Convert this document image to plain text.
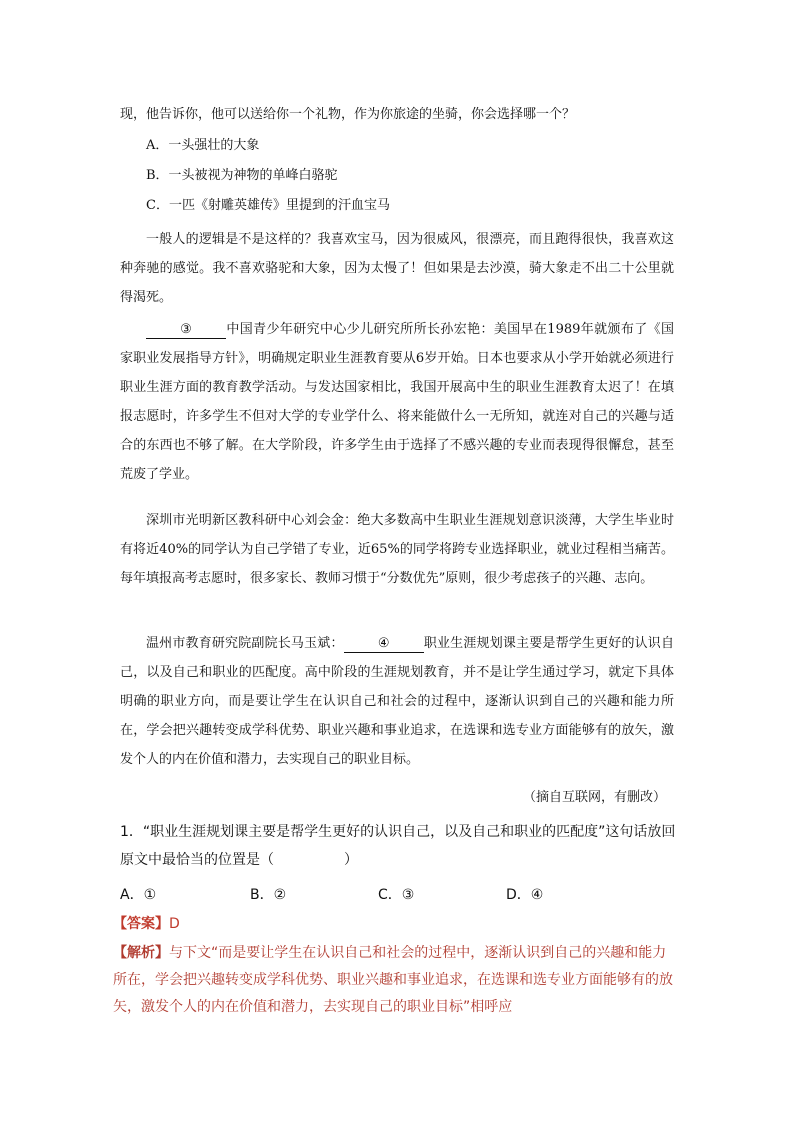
现，他告诉你，他可以送给你一个礼物，作为你旅途的坐骑，你会选择哪一个？

A．一头强壮的大象

B．一头被视为神物的单峰白骆驼

C．一匹《射雕英雄传》里提到的汗血宝马

一般人的逻辑是不是这样的？我喜欢宝马，因为很威风，很漂亮，而且跑得很快，我喜欢这种奔驰的感觉。我不喜欢骆驼和大象，因为太慢了！但如果是去沙漠，骑大象走不出二十公里就得渴死。

③	中国青少年研究中心少儿研究所所长孙宏艳：美国早在1989年就颁布了《国家职业发展指导方针》，明确规定职业生涯教育要从6岁开始。日本也要求从小学开始就必须进行职业生涯方面的教育教学活动。与发达国家相比，我国开展高中生的职业生涯教育太迟了！在填报志愿时，许多学生不但对大学的专业学什么、将来能做什么一无所知，就连对自己的兴趣与适合的东西也不够了解。在大学阶段，许多学生由于选择了不感兴趣的专业而表现得很懈怠，甚至荒废了学业。

深圳市光明新区教科研中心刘会金：绝大多数高中生职业生涯规划意识淡薄，大学生毕业时有将近40%的同学认为自己学错了专业，近65%的同学将跨专业选择职业，就业过程相当痛苦。每年填报高考志愿时，很多家长、教师习惯于“分数优先”原则，很少考虑孩子的兴趣、志向。

温州市教育研究院副院长马玉斌：	④	职业生涯规划课主要是帮学生更好的认识自己，以及自己和职业的匹配度。高中阶段的生涯规划教育，并不是让学生通过学习，就定下具体明确的职业方向，而是要让学生在认识自己和社会的过程中，逐渐认识到自己的兴趣和能力所在，学会把兴趣转变成学科优势、职业兴趣和事业追求，在选课和选专业方面能够有的放矢，激发个人的内在价值和潜力，去实现自己的职业目标。

（摘自互联网，有删改）

1．“职业生涯规划课主要是帮学生更好的认识自己，以及自己和职业的匹配度”这句话放回原文中最恰当的位置是（　　　　　）

A．①	B．②	C．③	D．④
【答案】D

【解析】与下文“而是要让学生在认识自己和社会的过程中，逐渐认识到自己的兴趣和能力所在，学会把兴趣转变成学科优势、职业兴趣和事业追求，在选课和选专业方面能够有的放矢，激发个人的内在价值和潜力，去实现自己的职业目标”相呼应
